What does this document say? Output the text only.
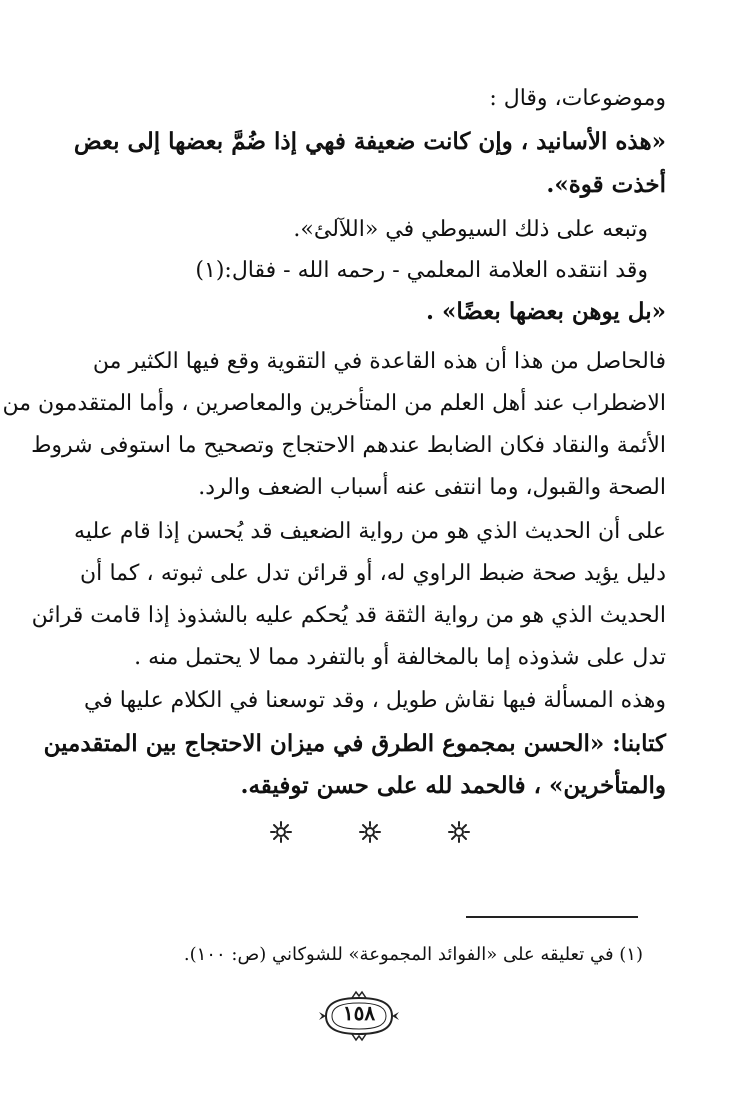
وموضوعات، وقال :
«هذه الأسانيد ، وإن كانت ضعيفة فهي إذا ضُمَّ بعضها إلى بعض
أخذت قوة».
وتبعه على ذلك السيوطي في «اللآلئ».
وقد انتقده العلامة المعلمي - رحمه الله - فقال:(١)
«بل يوهن بعضها بعضًا» .
فالحاصل من هذا أن هذه القاعدة في التقوية وقع فيها الكثير من
الاضطراب عند أهل العلم من المتأخرين والمعاصرين ، وأما المتقدمون من
الأئمة والنقاد فكان الضابط عندهم الاحتجاج وتصحيح ما استوفى شروط
الصحة والقبول، وما انتفى عنه أسباب الضعف والرد.
على أن الحديث الذي هو من رواية الضعيف قد يُحسن إذا قام عليه
دليل يؤيد صحة ضبط الراوي له، أو قرائن تدل على ثبوته ، كما أن
الحديث الذي هو من رواية الثقة قد يُحكم عليه بالشذوذ إذا قامت قرائن
تدل على شذوذه إما بالمخالفة أو بالتفرد مما لا يحتمل منه .
وهذه المسألة فيها نقاش طويل ، وقد توسعنا في الكلام عليها في
كتابنا: «الحسن بمجموع الطرق في ميزان الاحتجاج بين المتقدمين
والمتأخرين» ، فالحمد لله على حسن توفيقه.
(١) في تعليقه على «الفوائد المجموعة» للشوكاني (ص: ١٠٠).
١٥٨
